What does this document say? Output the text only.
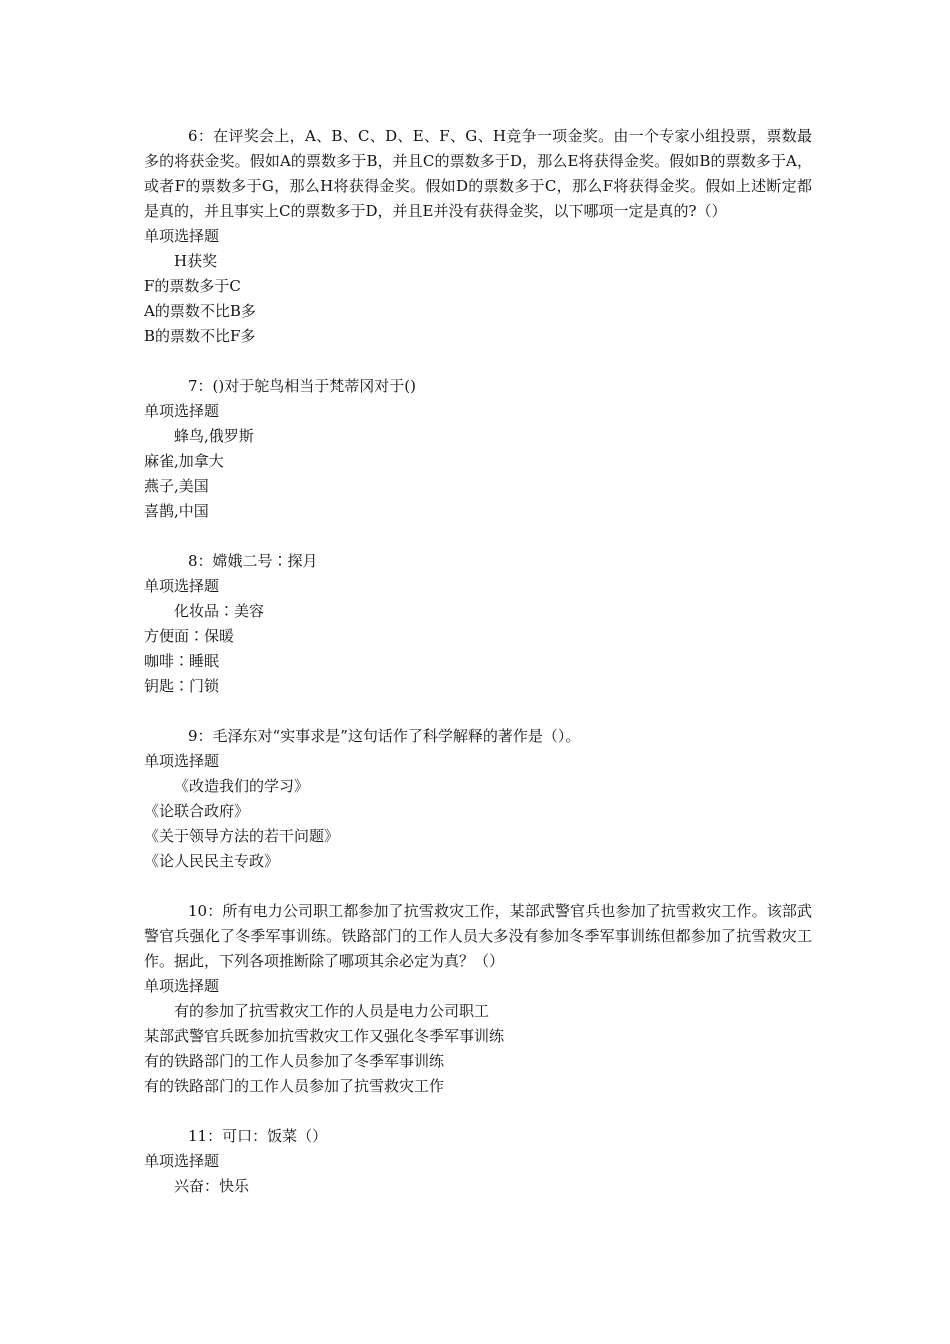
6：在评奖会上，A、B、C、D、E、F、G、H竞争一项金奖。由一个专家小组投票，票数最多的将获金奖。假如A的票数多于B，并且C的票数多于D，那么E将获得金奖。假如B的票数多于A，或者F的票数多于G，那么H将获得金奖。假如D的票数多于C，那么F将获得金奖。假如上述断定都是真的，并且事实上C的票数多于D，并且E并没有获得金奖，以下哪项一定是真的?（）

单项选择题

H获奖

F的票数多于C

A的票数不比B多

B的票数不比F多

7：()对于鸵鸟相当于梵蒂冈对于()

单项选择题

蜂鸟,俄罗斯

麻雀,加拿大

燕子,美国

喜鹊,中国

8：嫦娥二号∶探月

单项选择题

化妆品∶美容

方便面∶保暖

咖啡∶睡眠

钥匙∶门锁

9：毛泽东对“实事求是”这句话作了科学解释的著作是（）。

单项选择题

《改造我们的学习》

《论联合政府》

《关于领导方法的若干问题》

《论人民民主专政》

10：所有电力公司职工都参加了抗雪救灾工作，某部武警官兵也参加了抗雪救灾工作。该部武警官兵强化了冬季军事训练。铁路部门的工作人员大多没有参加冬季军事训练但都参加了抗雪救灾工作。据此，下列各项推断除了哪项其余必定为真？（）

单项选择题

有的参加了抗雪救灾工作的人员是电力公司职工

某部武警官兵既参加抗雪救灾工作又强化冬季军事训练

有的铁路部门的工作人员参加了冬季军事训练

有的铁路部门的工作人员参加了抗雪救灾工作

11：可口：饭菜（）

单项选择题

兴奋：快乐
